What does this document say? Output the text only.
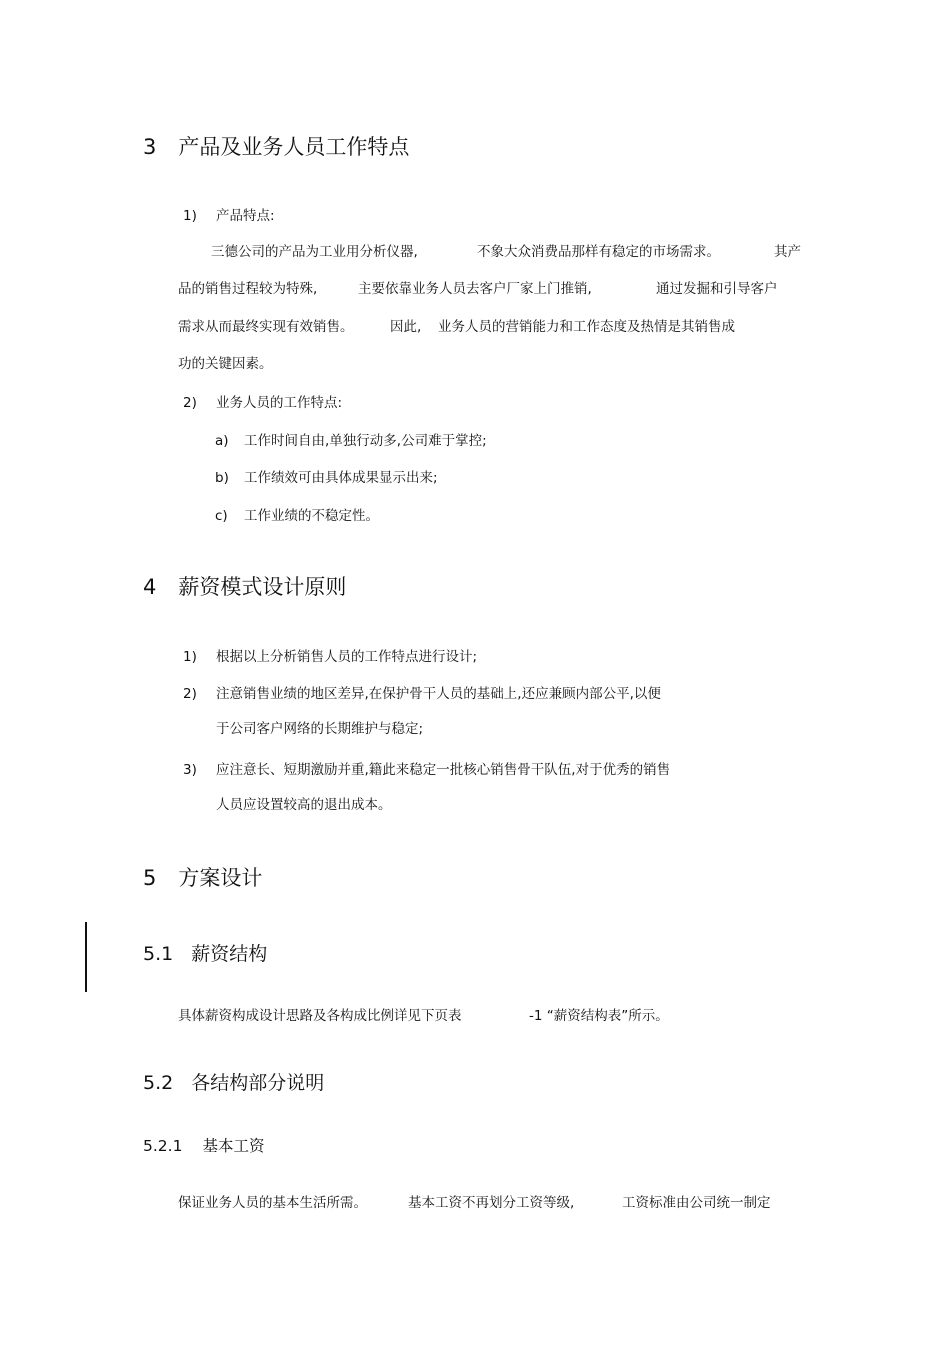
3 产品及业务人员工作特点
1) 产品特点:
三德公司的产品为工业用分析仪器,	不象大众消费品那样有稳定的市场需求。	其产
品的销售过程较为特殊,	主要依靠业务人员去客户厂家上门推销,	通过发掘和引导客户
需求从而最终实现有效销售。	因此, 业务人员的营销能力和工作态度及热情是其销售成
功的关键因素。
2) 业务人员的工作特点:
a) 工作时间自由,单独行动多,公司难于掌控;
b) 工作绩效可由具体成果显示出来;
c) 工作业绩的不稳定性。
4 薪资模式设计原则
1) 根据以上分析销售人员的工作特点进行设计;
2) 注意销售业绩的地区差异,在保护骨干人员的基础上,还应兼顾内部公平,以便
于公司客户网络的长期维护与稳定;
3) 应注意长、短期激励并重,籍此来稳定一批核心销售骨干队伍,对于优秀的销售
人员应设置较高的退出成本。
5 方案设计
5.1 薪资结构
具体薪资构成设计思路及各构成比例详见下页表	-1 “薪资结构表”所示。
5.2 各结构部分说明
5.2.1 基本工资
保证业务人员的基本生活所需。	基本工资不再划分工资等级,	工资标准由公司统一制定
